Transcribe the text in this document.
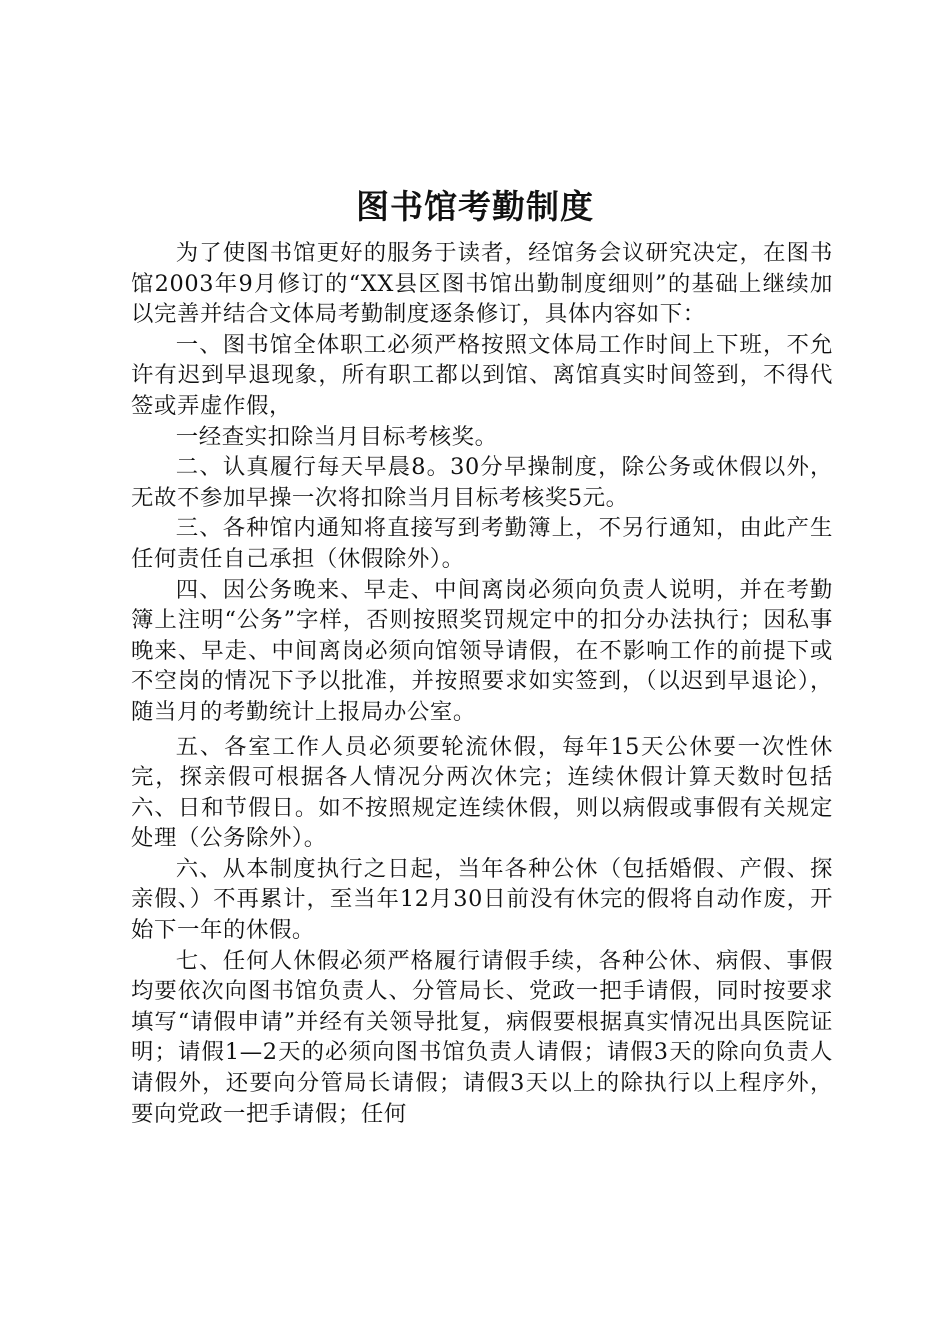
图书馆考勤制度

为了使图书馆更好的服务于读者，经馆务会议研究决定，在图书馆2003年9月修订的“XX县区图书馆出勤制度细则”的基础上继续加以完善并结合文体局考勤制度逐条修订，具体内容如下：

一、图书馆全体职工必须严格按照文体局工作时间上下班，不允许有迟到早退现象，所有职工都以到馆、离馆真实时间签到，不得代签或弄虚作假，

一经查实扣除当月目标考核奖。

二、认真履行每天早晨8。30分早操制度，除公务或休假以外，无故不参加早操一次将扣除当月目标考核奖5元。

三、各种馆内通知将直接写到考勤簿上，不另行通知，由此产生任何责任自己承担（休假除外）。

四、因公务晚来、早走、中间离岗必须向负责人说明，并在考勤簿上注明“公务”字样，否则按照奖罚规定中的扣分办法执行；因私事晚来、早走、中间离岗必须向馆领导请假，在不影响工作的前提下或不空岗的情况下予以批准，并按照要求如实签到，（以迟到早退论），随当月的考勤统计上报局办公室。

五、各室工作人员必须要轮流休假，每年15天公休要一次性休完，探亲假可根据各人情况分两次休完；连续休假计算天数时包括六、日和节假日。如不按照规定连续休假，则以病假或事假有关规定处理（公务除外）。

六、从本制度执行之日起，当年各种公休（包括婚假、产假、探亲假、）不再累计，至当年12月30日前没有休完的假将自动作废，开始下一年的休假。

七、任何人休假必须严格履行请假手续，各种公休、病假、事假均要依次向图书馆负责人、分管局长、党政一把手请假，同时按要求填写“请假申请”并经有关领导批复，病假要根据真实情况出具医院证明；请假1—2天的必须向图书馆负责人请假；请假3天的除向负责人请假外，还要向分管局长请假；请假3天以上的除执行以上程序外，要向党政一把手请假；任何
